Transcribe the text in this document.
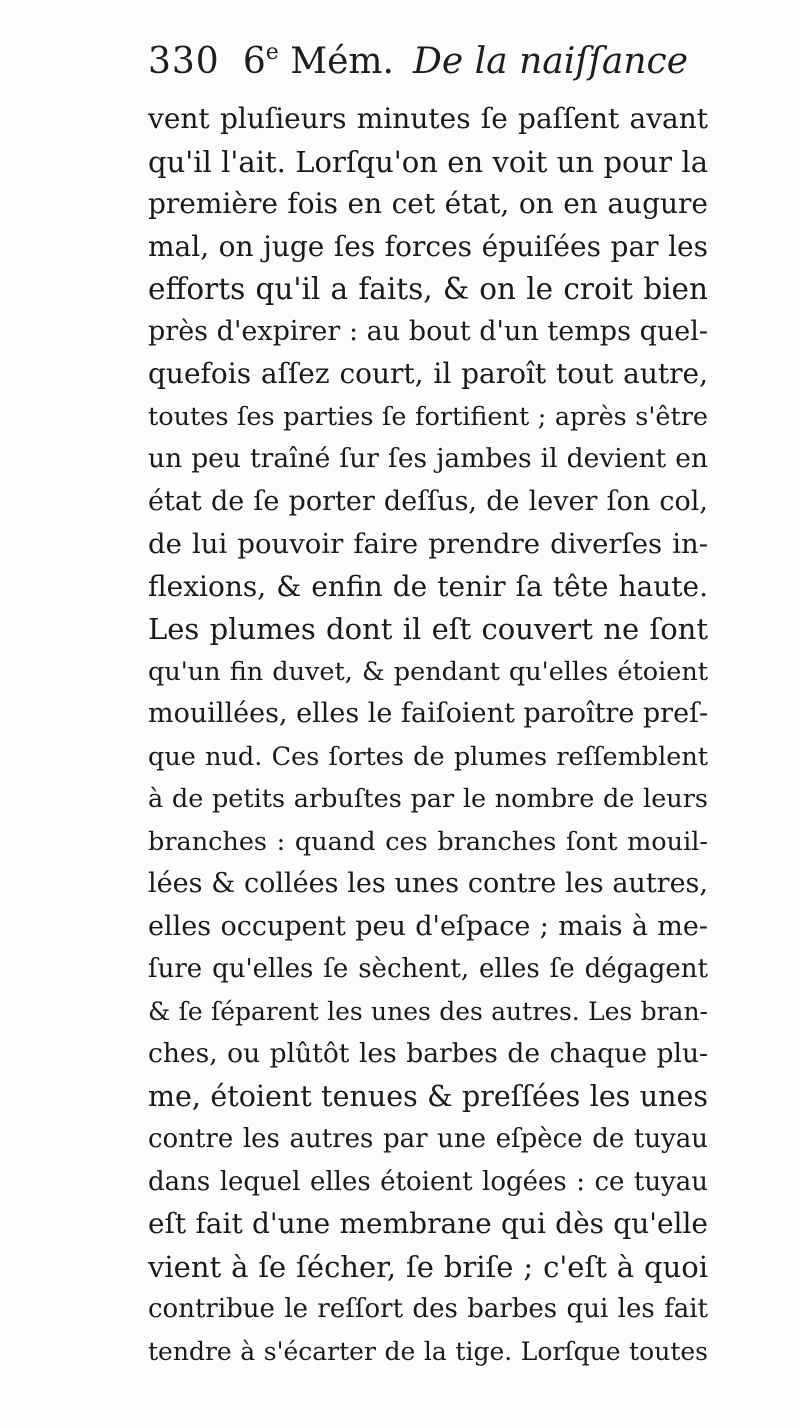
330 6e Mém. De la naiſſance
vent pluſieurs minutes ſe paſſent avant
qu'il l'ait. Lorſqu'on en voit un pour la
première fois en cet état, on en augure
mal, on juge ſes forces épuiſées par les
efforts qu'il a faits, & on le croit bien
près d'expirer : au bout d'un temps quel-
quefois aſſez court, il paroît tout autre,
toutes ſes parties ſe fortifient ; après s'être
un peu traîné ſur ſes jambes il devient en
état de ſe porter deſſus, de lever ſon col,
de lui pouvoir faire prendre diverſes in-
flexions, & enfin de tenir ſa tête haute.
Les plumes dont il eſt couvert ne ſont
qu'un fin duvet, & pendant qu'elles étoient
mouillées, elles le faiſoient paroître preſ-
que nud. Ces ſortes de plumes reſſemblent
à de petits arbuſtes par le nombre de leurs
branches : quand ces branches ſont mouil-
lées & collées les unes contre les autres,
elles occupent peu d'eſpace ; mais à me-
ſure qu'elles ſe sèchent, elles ſe dégagent
& ſe ſéparent les unes des autres. Les bran-
ches, ou plûtôt les barbes de chaque plu-
me, étoient tenues & preſſées les unes
contre les autres par une eſpèce de tuyau
dans lequel elles étoient logées : ce tuyau
eſt fait d'une membrane qui dès qu'elle
vient à ſe ſécher, ſe briſe ; c'eſt à quoi
contribue le reſſort des barbes qui les fait
tendre à s'écarter de la tige. Lorſque toutes
